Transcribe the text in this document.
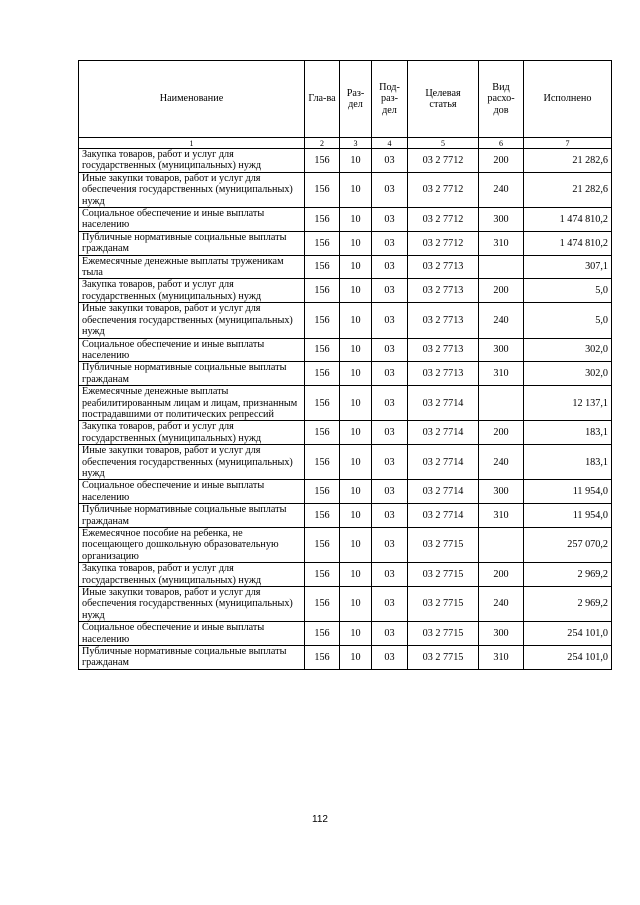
Наименование	Гла-ва	Раз-дел	Под-раз-дел	Целевая статья	Вид расхо-дов	Исполнено
1	2	3	4	5	6	7
Закупка товаров, работ и услуг для государственных (муниципальных) нужд	156	10	03	03 2 7712	200	21 282,6
Иные закупки товаров, работ и услуг для обеспечения государственных (муниципальных) нужд	156	10	03	03 2 7712	240	21 282,6
Социальное обеспечение и иные выплаты населению	156	10	03	03 2 7712	300	1 474 810,2
Публичные нормативные социальные выплаты гражданам	156	10	03	03 2 7712	310	1 474 810,2
Ежемесячные денежные выплаты труженикам тыла	156	10	03	03 2 7713		307,1
Закупка товаров, работ и услуг для государственных (муниципальных) нужд	156	10	03	03 2 7713	200	5,0
Иные закупки товаров, работ и услуг для обеспечения государственных (муниципальных) нужд	156	10	03	03 2 7713	240	5,0
Социальное обеспечение и иные выплаты населению	156	10	03	03 2 7713	300	302,0
Публичные нормативные социальные выплаты гражданам	156	10	03	03 2 7713	310	302,0
Ежемесячные денежные выплаты реабилитированным лицам и лицам, признанным пострадавшими от политических репрессий	156	10	03	03 2 7714		12 137,1
Закупка товаров, работ и услуг для государственных (муниципальных) нужд	156	10	03	03 2 7714	200	183,1
Иные закупки товаров, работ и услуг для обеспечения государственных (муниципальных) нужд	156	10	03	03 2 7714	240	183,1
Социальное обеспечение и иные выплаты населению	156	10	03	03 2 7714	300	11 954,0
Публичные нормативные социальные выплаты гражданам	156	10	03	03 2 7714	310	11 954,0
Ежемесячное пособие на ребенка, не посещающего дошкольную образовательную организацию	156	10	03	03 2 7715		257 070,2
Закупка товаров, работ и услуг для государственных (муниципальных) нужд	156	10	03	03 2 7715	200	2 969,2
Иные закупки товаров, работ и услуг для обеспечения государственных (муниципальных) нужд	156	10	03	03 2 7715	240	2 969,2
Социальное обеспечение и иные выплаты населению	156	10	03	03 2 7715	300	254 101,0
Публичные нормативные социальные выплаты гражданам	156	10	03	03 2 7715	310	254 101,0
112
